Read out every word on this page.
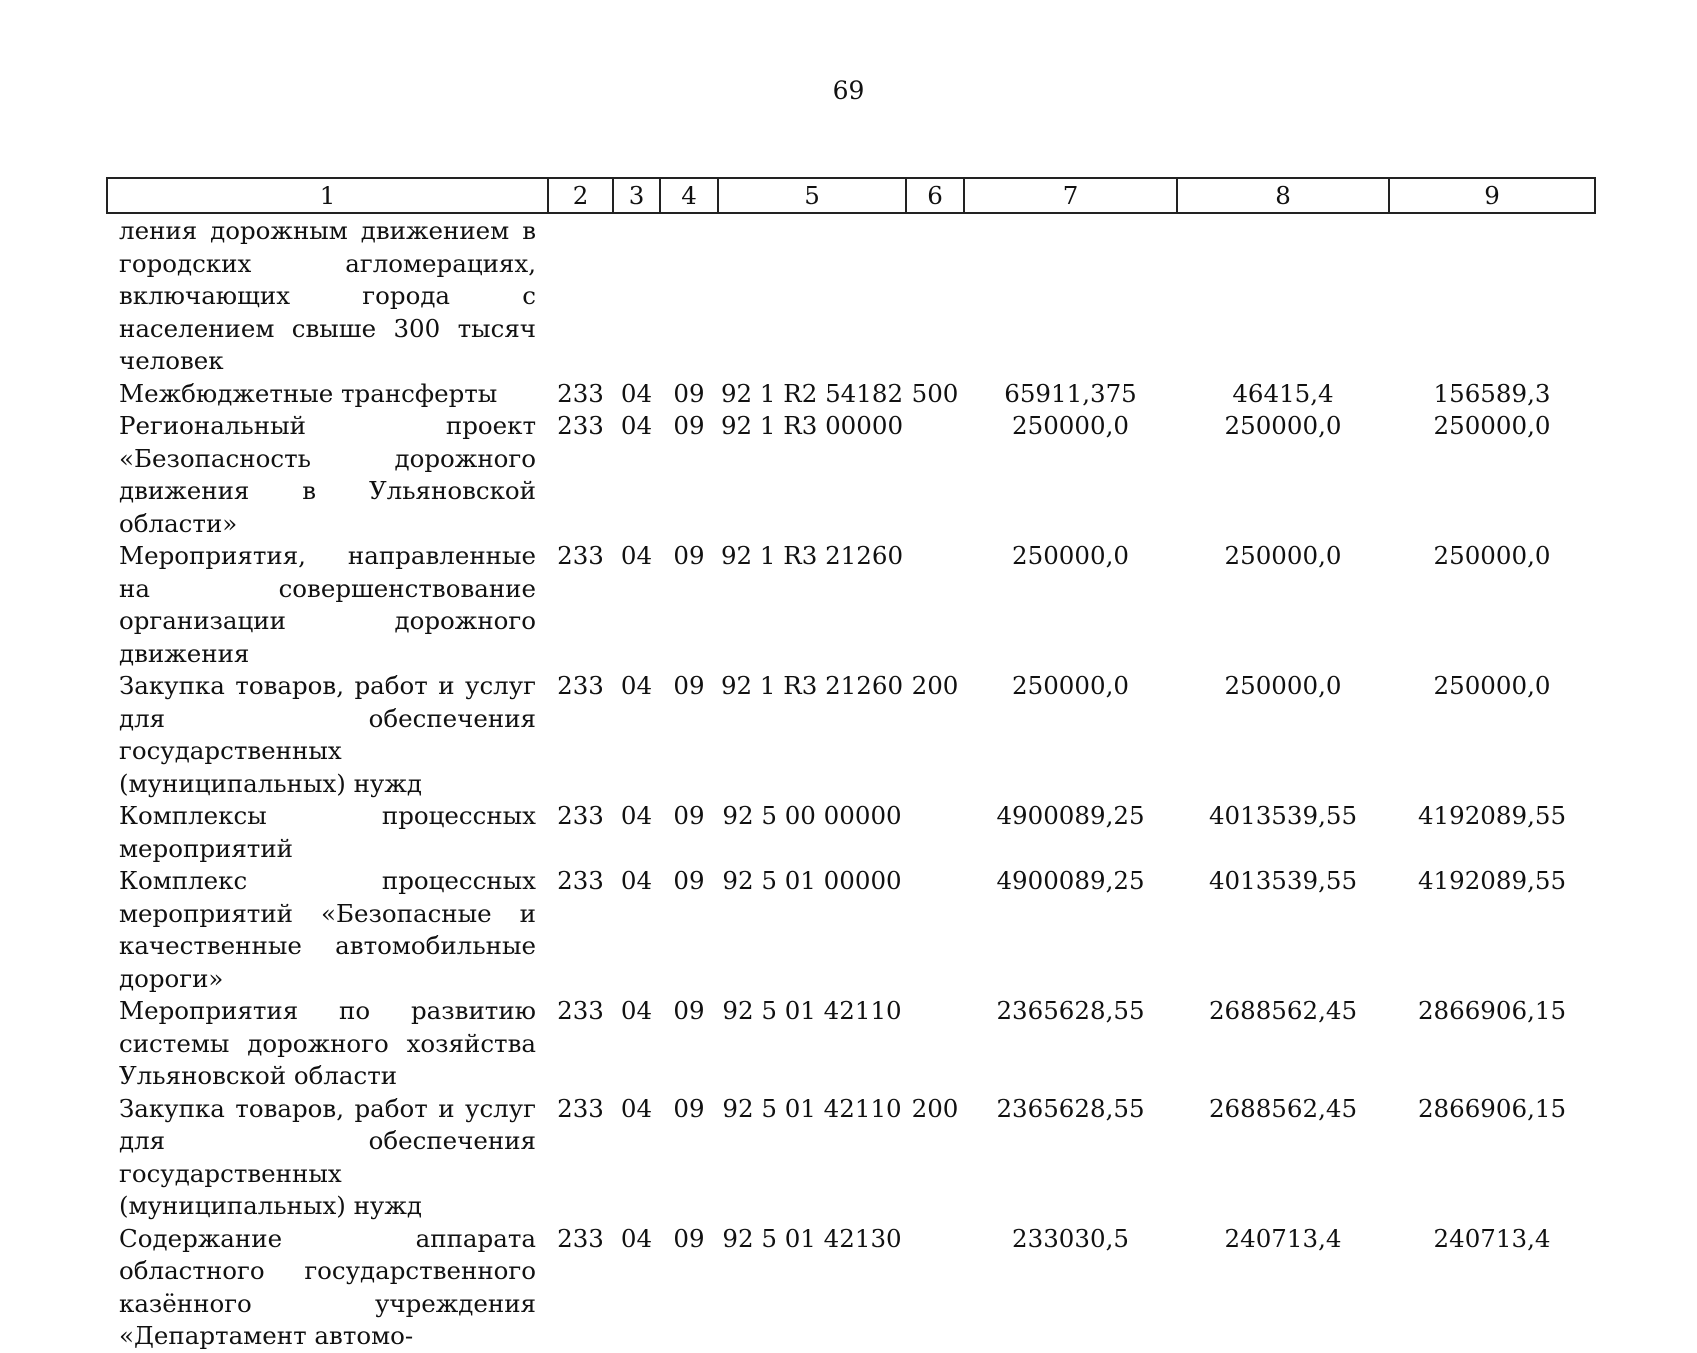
69
1	2	3	4	5	6	7	8	9
ления дорожным движением в городских агломерациях, включающих города с населением свыше 300 тысяч человек								
Межбюджетные трансферты	233	04	09	92 1 R2 54182	500	65911,375	46415,4	156589,3
Региональный проект «Безопасность дорожного движения в Ульяновской области»	233	04	09	92 1 R3 00000		250000,0	250000,0	250000,0
Мероприятия, направленные на совершенствование организации дорожного движения	233	04	09	92 1 R3 21260		250000,0	250000,0	250000,0
Закупка товаров, работ и услуг для обеспечения государственных (муниципальных) нужд	233	04	09	92 1 R3 21260	200	250000,0	250000,0	250000,0
Комплексы процессных мероприятий	233	04	09	92 5 00 00000		4900089,25	4013539,55	4192089,55
Комплекс процессных мероприятий «Безопасные и качественные автомобильные дороги»	233	04	09	92 5 01 00000		4900089,25	4013539,55	4192089,55
Мероприятия по развитию системы дорожного хозяйства Ульяновской области	233	04	09	92 5 01 42110		2365628,55	2688562,45	2866906,15
Закупка товаров, работ и услуг для обеспечения государственных (муниципальных) нужд	233	04	09	92 5 01 42110	200	2365628,55	2688562,45	2866906,15
Содержание аппарата областного государственного казённого учреждения «Департамент автомо-	233	04	09	92 5 01 42130		233030,5	240713,4	240713,4
